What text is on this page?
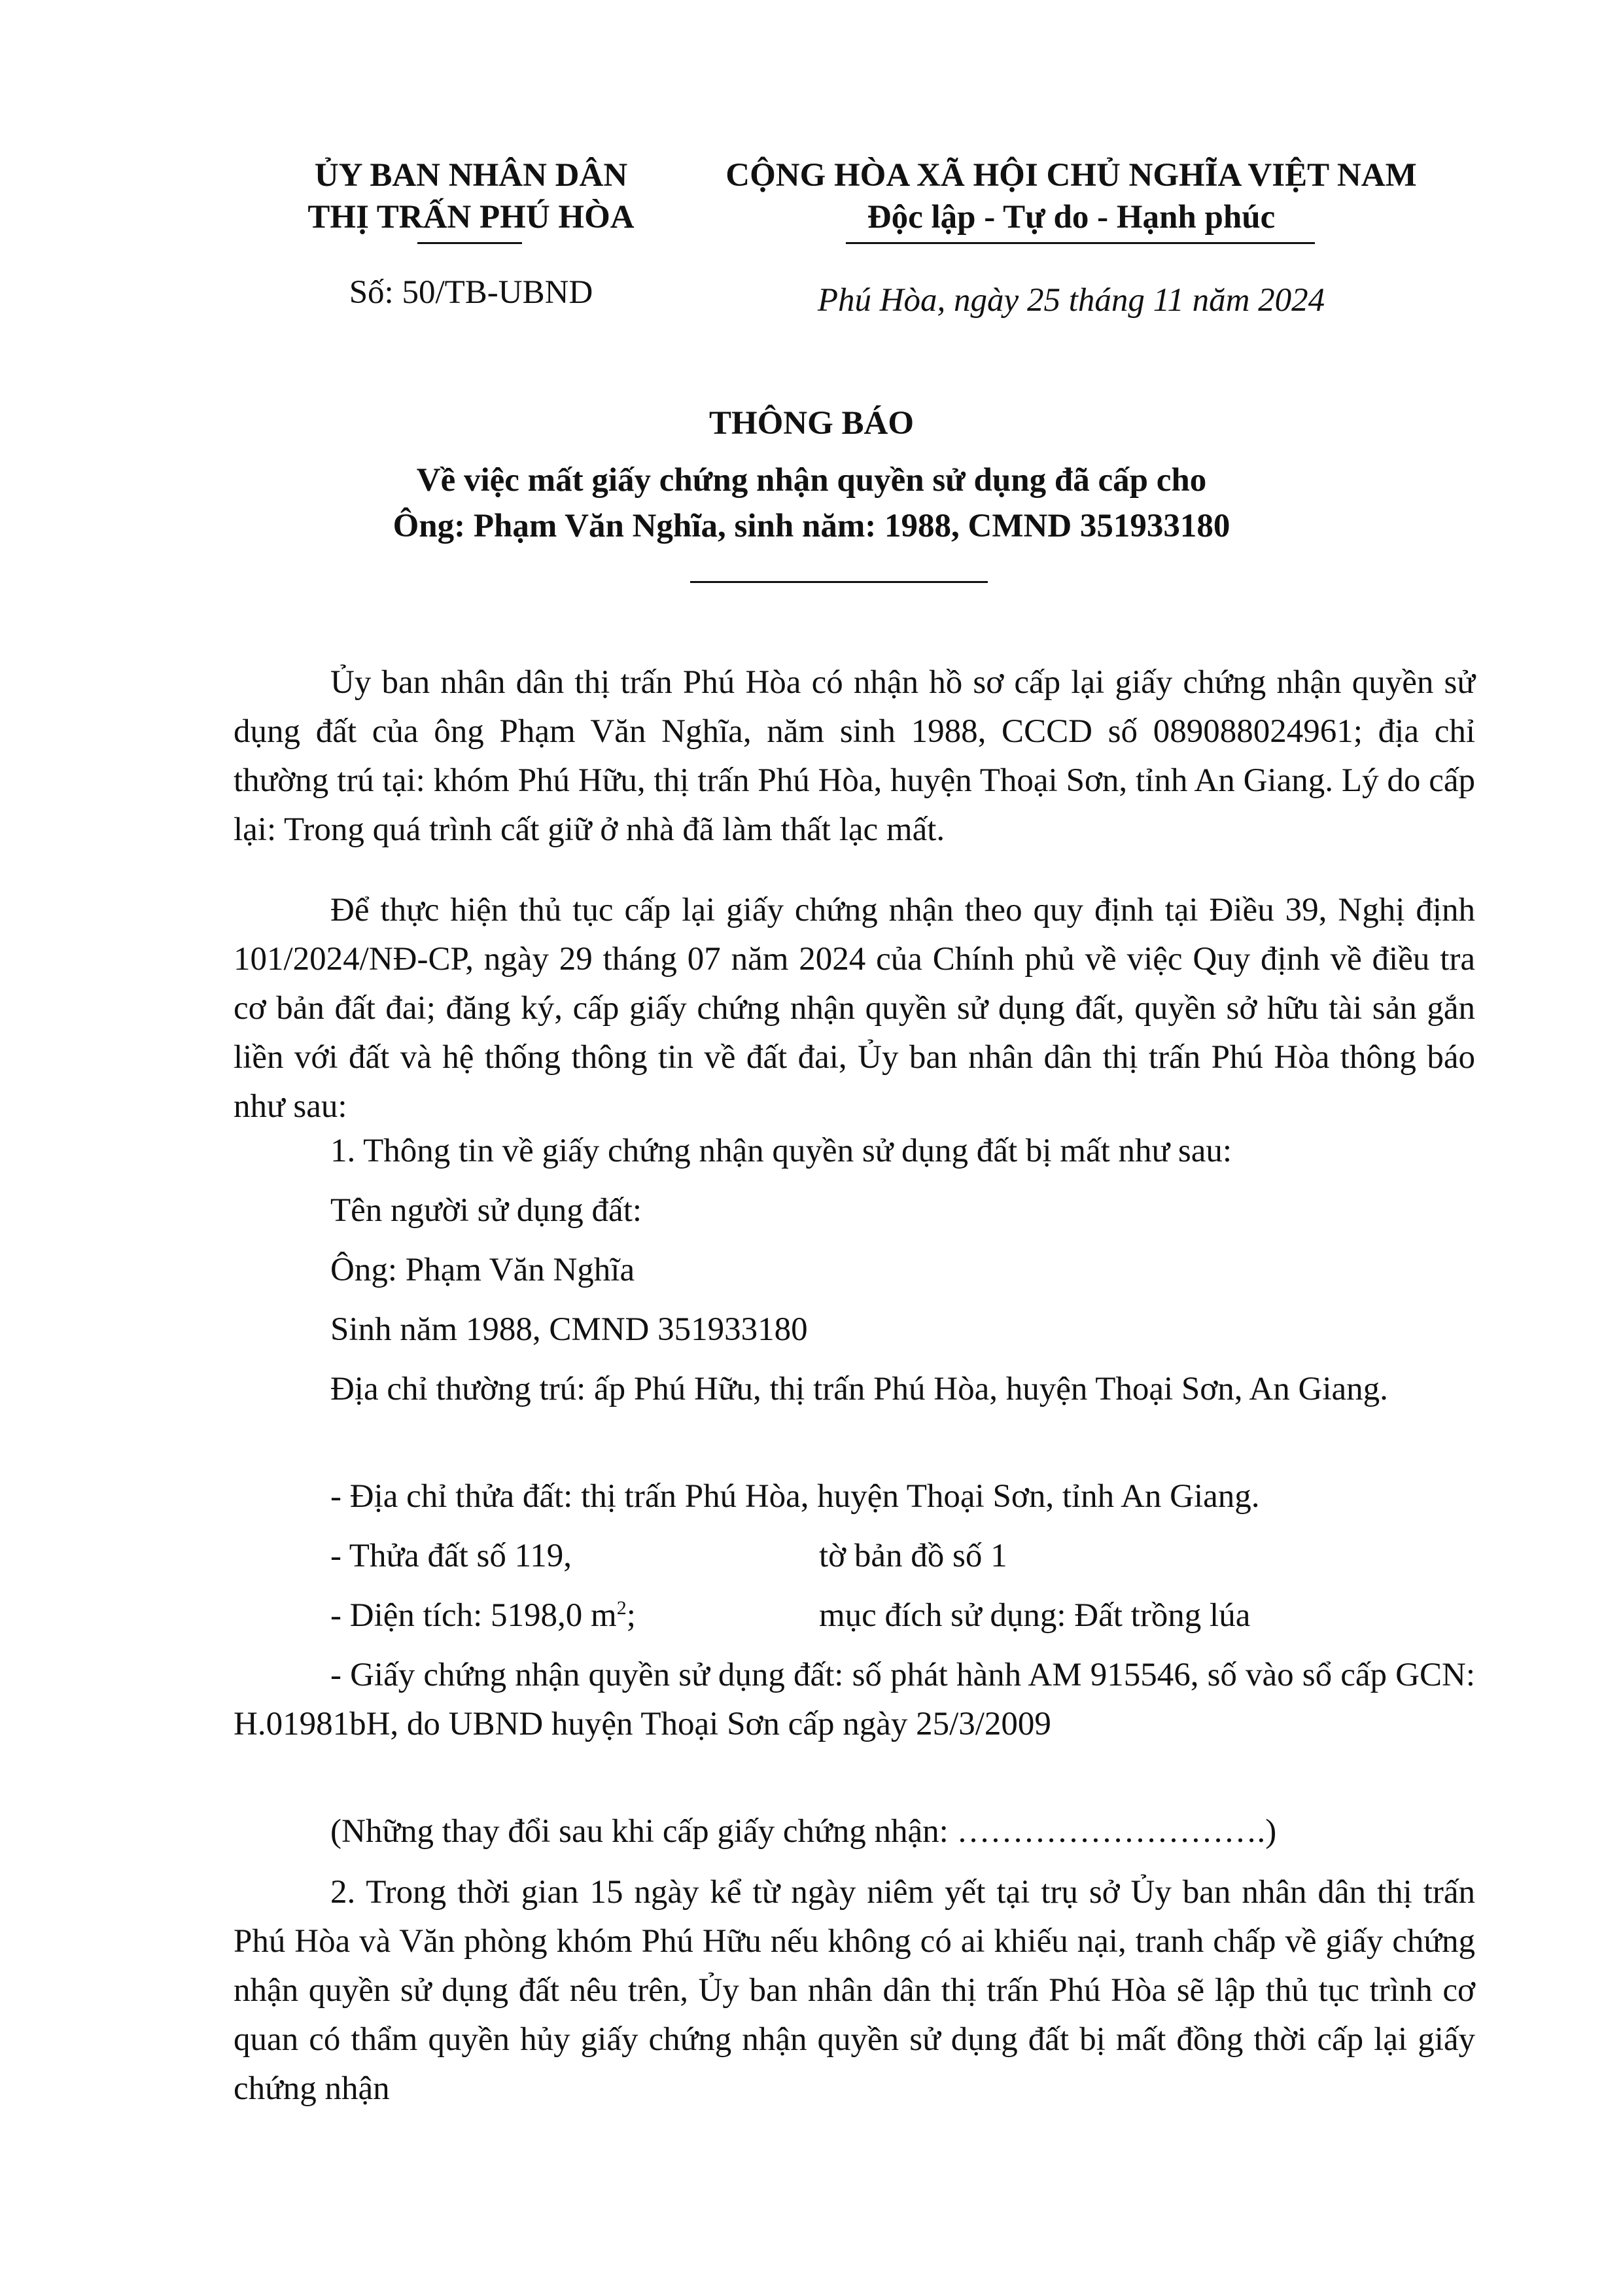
ỦY BAN NHÂN DÂN
THỊ TRẤN PHÚ HÒA
Số: 50/TB-UBND
CỘNG HÒA XÃ HỘI CHỦ NGHĨA VIỆT NAM
Độc lập - Tự do - Hạnh phúc
Phú Hòa, ngày 25 tháng 11 năm 2024
THÔNG BÁO
Về việc mất giấy chứng nhận quyền sử dụng đã cấp cho
Ông: Phạm Văn Nghĩa, sinh năm: 1988, CMND 351933180
Ủy ban nhân dân thị trấn Phú Hòa có nhận hồ sơ cấp lại giấy chứng nhận quyền sử dụng đất của ông Phạm Văn Nghĩa, năm sinh 1988, CCCD số 089088024961; địa chỉ thường trú tại: khóm Phú Hữu, thị trấn Phú Hòa, huyện Thoại Sơn, tỉnh An Giang. Lý do cấp lại: Trong quá trình cất giữ ở nhà đã làm thất lạc mất.
Để thực hiện thủ tục cấp lại giấy chứng nhận theo quy định tại Điều 39, Nghị định 101/2024/NĐ-CP, ngày 29 tháng 07 năm 2024 của Chính phủ về việc Quy định về điều tra cơ bản đất đai; đăng ký, cấp giấy chứng nhận quyền sử dụng đất, quyền sở hữu tài sản gắn liền với đất và hệ thống thông tin về đất đai, Ủy ban nhân dân thị trấn Phú Hòa thông báo như sau:
1. Thông tin về giấy chứng nhận quyền sử dụng đất bị mất như sau:
Tên người sử dụng đất:
Ông: Phạm Văn Nghĩa
Sinh năm 1988, CMND 351933180
Địa chỉ thường trú: ấp Phú Hữu, thị trấn Phú Hòa, huyện Thoại Sơn, An Giang.
- Địa chỉ thửa đất: thị trấn Phú Hòa, huyện Thoại Sơn, tỉnh An Giang.
- Thửa đất số 119,	tờ bản đồ số 1
- Diện tích: 5198,0 $m^2$;	mục đích sử dụng: Đất trồng lúa
- Giấy chứng nhận quyền sử dụng đất: số phát hành AM 915546, số vào sổ cấp GCN: H.01981bH, do UBND huyện Thoại Sơn cấp ngày 25/3/2009
(Những thay đổi sau khi cấp giấy chứng nhận: ……………………….)
2. Trong thời gian 15 ngày kể từ ngày niêm yết tại trụ sở Ủy ban nhân dân thị trấn Phú Hòa và Văn phòng khóm Phú Hữu nếu không có ai khiếu nại, tranh chấp về giấy chứng nhận quyền sử dụng đất nêu trên, Ủy ban nhân dân thị trấn Phú Hòa sẽ lập thủ tục trình cơ quan có thẩm quyền hủy giấy chứng nhận quyền sử dụng đất bị mất đồng thời cấp lại giấy chứng nhận
